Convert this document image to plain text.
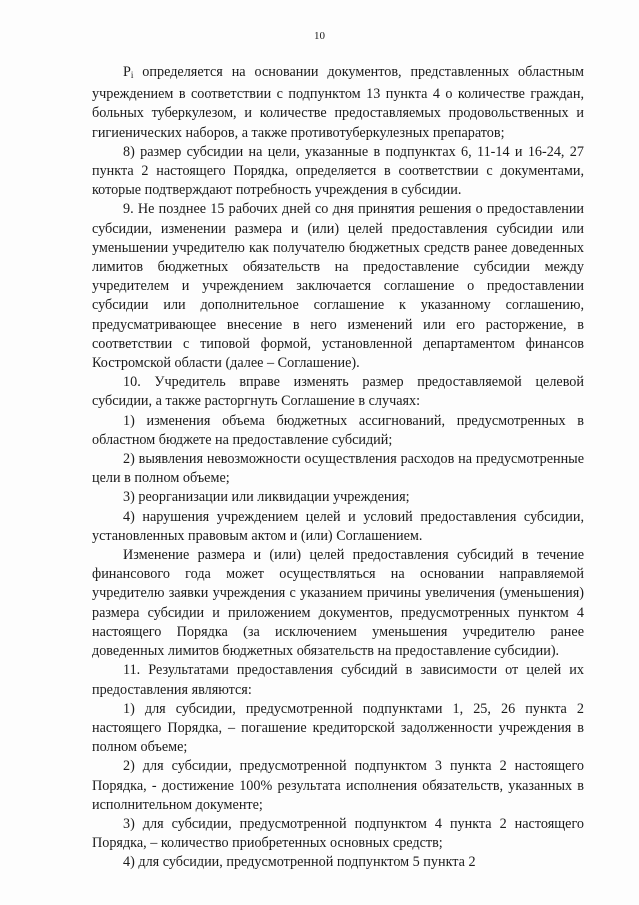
10

$P_i$ определяется на основании документов, представленных областным учреждением в соответствии с подпунктом 13 пункта 4 о количестве граждан, больных туберкулезом, и количестве предоставляемых продовольственных и гигиенических наборов, а также противотуберкулезных препаратов;

8) размер субсидии на цели, указанные в подпунктах 6, 11-14 и 16-24, 27 пункта 2 настоящего Порядка, определяется в соответствии с документами, которые подтверждают потребность учреждения в субсидии.

9. Не позднее 15 рабочих дней со дня принятия решения о предоставлении субсидии, изменении размера и (или) целей предоставления субсидии или уменьшении учредителю как получателю бюджетных средств ранее доведенных лимитов бюджетных обязательств на предоставление субсидии между учредителем и учреждением заключается соглашение о предоставлении субсидии или дополнительное соглашение к указанному соглашению, предусматривающее внесение в него изменений или его расторжение, в соответствии с типовой формой, установленной департаментом финансов Костромской области (далее – Соглашение).

10. Учредитель вправе изменять размер предоставляемой целевой субсидии, а также расторгнуть Соглашение в случаях:

1) изменения объема бюджетных ассигнований, предусмотренных в областном бюджете на предоставление субсидий;

2) выявления невозможности осуществления расходов на предусмотренные цели в полном объеме;

3) реорганизации или ликвидации учреждения;

4) нарушения учреждением целей и условий предоставления субсидии, установленных правовым актом и (или) Соглашением.

Изменение размера и (или) целей предоставления субсидий в течение финансового года может осуществляться на основании направляемой учредителю заявки учреждения с указанием причины увеличения (уменьшения) размера субсидии и приложением документов, предусмотренных пунктом 4 настоящего Порядка (за исключением уменьшения учредителю ранее доведенных лимитов бюджетных обязательств на предоставление субсидии).

11. Результатами предоставления субсидий в зависимости от целей их предоставления являются:

1) для субсидии, предусмотренной подпунктами 1, 25, 26 пункта 2 настоящего Порядка, – погашение кредиторской задолженности учреждения в полном объеме;

2) для субсидии, предусмотренной подпунктом 3 пункта 2 настоящего Порядка, - достижение 100% результата исполнения обязательств, указанных в исполнительном документе;

3) для субсидии, предусмотренной подпунктом 4 пункта 2 настоящего Порядка, – количество приобретенных основных средств;

4) для субсидии, предусмотренной подпунктом 5 пункта 2
